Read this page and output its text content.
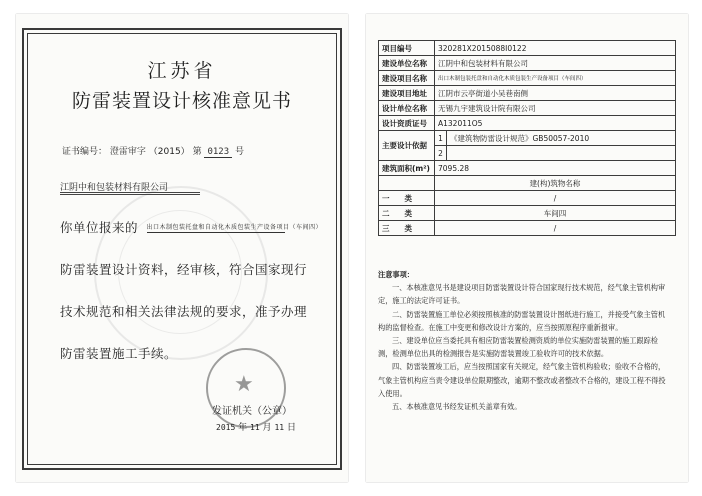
江苏省
防雷装置设计核准意见书
证书编号： 澄雷审字 （2015） 第 0123 号
江阴中和包装材料有限公司
你单位报来的 出口木制包装托盘和自动化木质包装生产设备项目（车间四）
防雷装置设计资料，经审核，符合国家现行
技术规范和相关法律法规的要求，准予办理
防雷装置施工手续。
★
发证机关（公章）
2015 年 11 月 11 日
项目编号	320281X2015088I0122	
建设单位名称	江阴中和包装材料有限公司	
建设项目名称	出口木制包装托盘和自动化木质包装生产设备项目（车间四）	
建设项目地址	江阴市云亭街道小吴巷南侧	
设计单位名称	无锡九宇建筑设计院有限公司	
设计资质证号	A132011O5	
主要设计依据	1	《建筑物防雷设计规范》GB50057-2010
	2	
建筑面积(m²)	7095.28	
	建(构)筑物名称	
一　　类	/	
二　　类	车间四	
三　　类	/	
注意事项：

一、本核准意见书是建设项目防雷装置设计符合国家现行技术规范，经气象主管机构审定，施工的法定许可证书。

二、防雷装置施工单位必须按照核准的防雷装置设计图纸进行施工，并接受气象主管机构的监督检查。在施工中变更和修改设计方案的，应当按照原程序重新报审。

三、建设单位应当委托具有相应防雷装置检测资质的单位实施防雷装置的施工跟踪检测，检测单位出具的检测报告是实施防雷装置竣工验收许可的技术依据。

四、防雷装置竣工后，应当按照国家有关规定，经气象主管机构验收；验收不合格的，气象主管机构应当责令建设单位限期整改，逾期不整改或者整改不合格的，建设工程不得投入使用。

五、本核准意见书经发证机关盖章有效。
